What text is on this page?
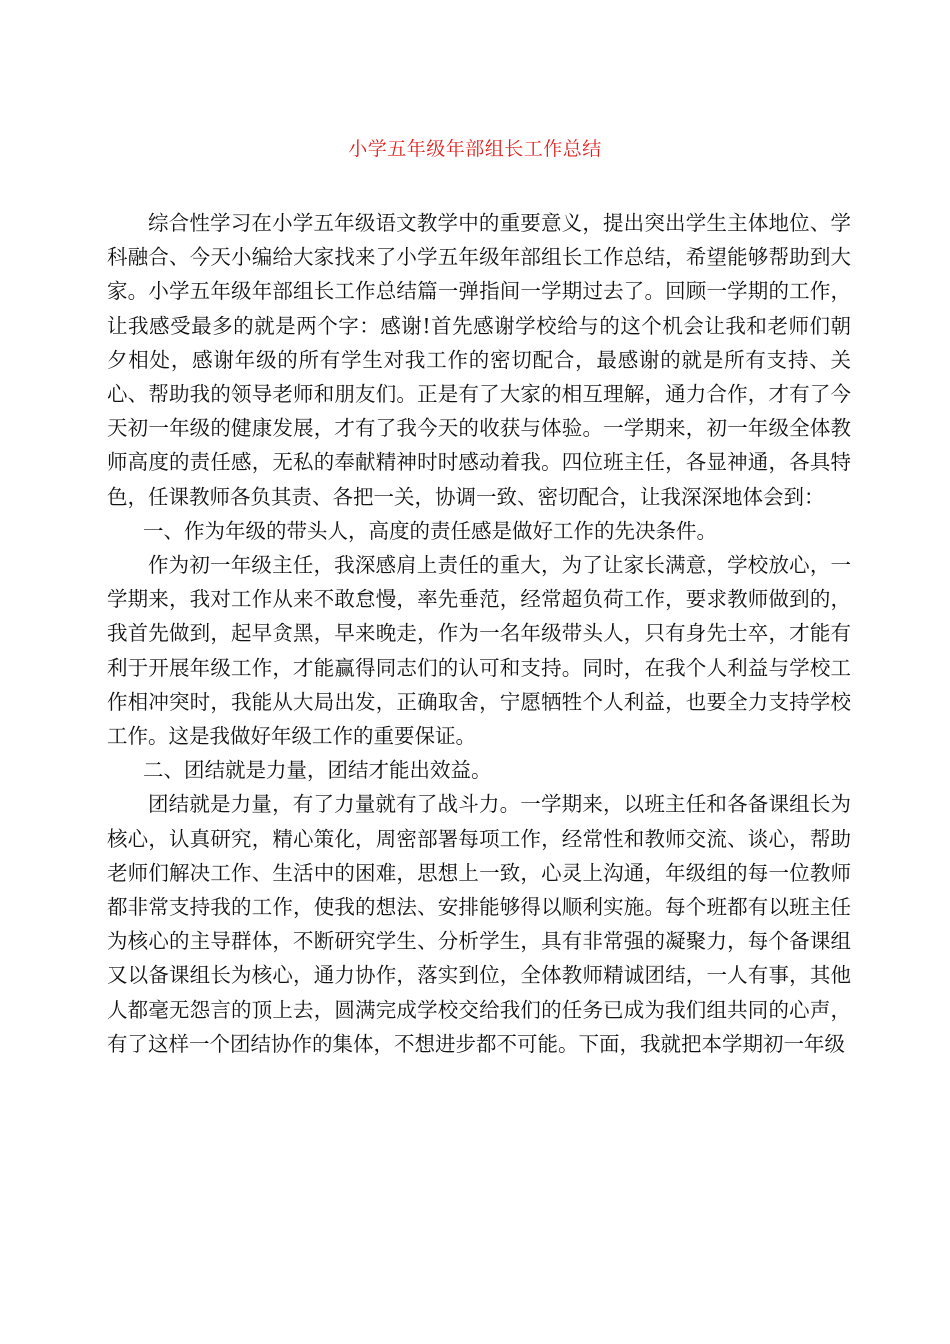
小学五年级年部组长工作总结

综合性学习在小学五年级语文教学中的重要意义，提出突出学生主体地位、学科融合、今天小编给大家找来了小学五年级年部组长工作总结，希望能够帮助到大家。小学五年级年部组长工作总结篇一弹指间一学期过去了。回顾一学期的工作，让我感受最多的就是两个字：感谢!首先感谢学校给与的这个机会让我和老师们朝夕相处，感谢年级的所有学生对我工作的密切配合，最感谢的就是所有支持、关心、帮助我的领导老师和朋友们。正是有了大家的相互理解，通力合作，才有了今天初一年级的健康发展，才有了我今天的收获与体验。一学期来，初一年级全体教师高度的责任感，无私的奉献精神时时感动着我。四位班主任，各显神通，各具特色，任课教师各负其责、各把一关，协调一致、密切配合，让我深深地体会到：

一、作为年级的带头人，高度的责任感是做好工作的先决条件。

作为初一年级主任，我深感肩上责任的重大，为了让家长满意，学校放心，一学期来，我对工作从来不敢怠慢，率先垂范，经常超负荷工作，要求教师做到的，我首先做到，起早贪黑，早来晚走，作为一名年级带头人，只有身先士卒，才能有利于开展年级工作，才能赢得同志们的认可和支持。同时，在我个人利益与学校工作相冲突时，我能从大局出发，正确取舍，宁愿牺牲个人利益，也要全力支持学校工作。这是我做好年级工作的重要保证。

二、团结就是力量，团结才能出效益。

团结就是力量，有了力量就有了战斗力。一学期来，以班主任和各备课组长为核心，认真研究，精心策化，周密部署每项工作，经常性和教师交流、谈心，帮助老师们解决工作、生活中的困难，思想上一致，心灵上沟通，年级组的每一位教师都非常支持我的工作，使我的想法、安排能够得以顺利实施。每个班都有以班主任为核心的主导群体，不断研究学生、分析学生，具有非常强的凝聚力，每个备课组又以备课组长为核心，通力协作，落实到位，全体教师精诚团结，一人有事，其他人都毫无怨言的顶上去，圆满完成学校交给我们的任务已成为我们组共同的心声，有了这样一个团结协作的集体，不想进步都不可能。下面，我就把本学期初一年级
